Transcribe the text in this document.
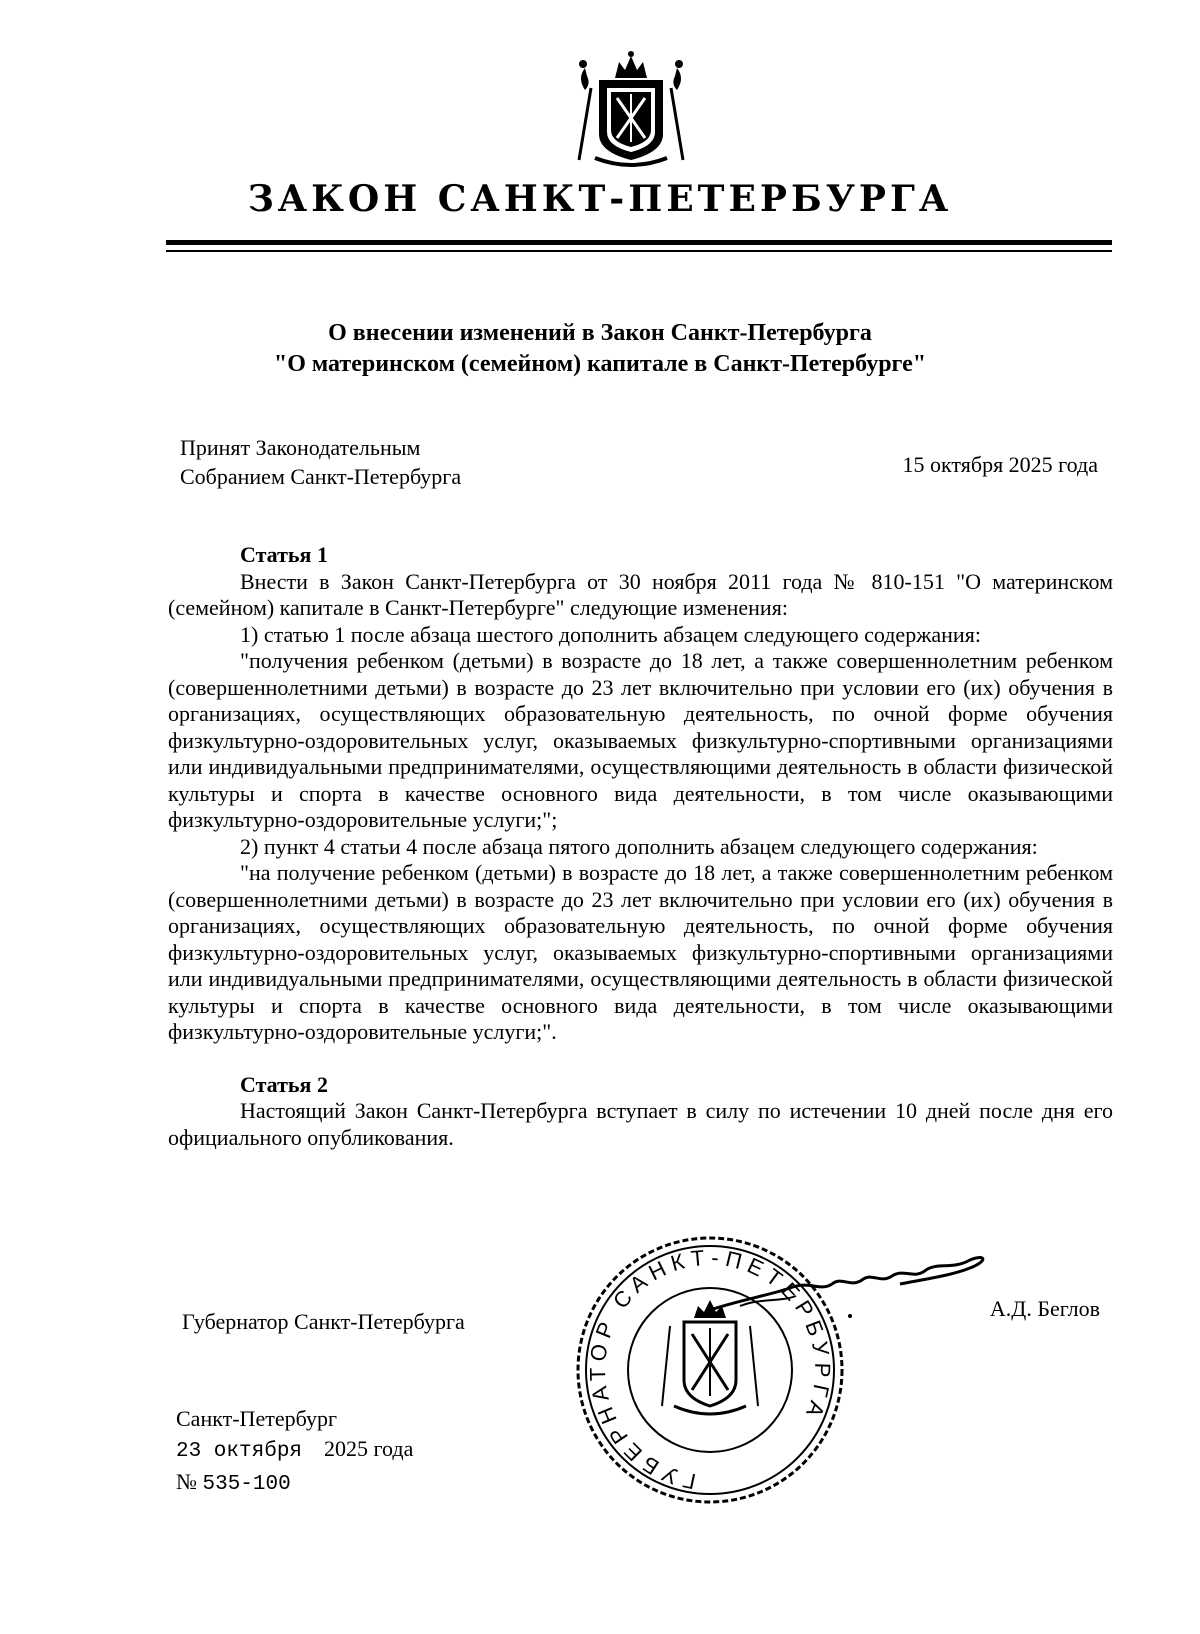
ЗАКОН САНКТ-ПЕТЕРБУРГА
О внесении изменений в Закон Санкт-Петербурга
"О материнском (семейном) капитале в Санкт-Петербурге"
Принят Законодательным
Собранием Санкт-Петербурга	15 октября 2025 года
Статья 1

Внести в Закон Санкт-Петербурга от 30 ноября 2011 года № 810-151 "О материнском (семейном) капитале в Санкт-Петербурге" следующие изменения:

1) статью 1 после абзаца шестого дополнить абзацем следующего содержания:

"получения ребенком (детьми) в возрасте до 18 лет, а также совершеннолетним ребенком (совершеннолетними детьми) в возрасте до 23 лет включительно при условии его (их) обучения в организациях, осуществляющих образовательную деятельность, по очной форме обучения физкультурно-оздоровительных услуг, оказываемых физкультурно-спортивными организациями или индивидуальными предпринимателями, осуществляющими деятельность в области физической культуры и спорта в качестве основного вида деятельности, в том числе оказывающими физкультурно-оздоровительные услуги;";

2) пункт 4 статьи 4 после абзаца пятого дополнить абзацем следующего содержания:

"на получение ребенком (детьми) в возрасте до 18 лет, а также совершеннолетним ребенком (совершеннолетними детьми) в возрасте до 23 лет включительно при условии его (их) обучения в организациях, осуществляющих образовательную деятельность, по очной форме обучения физкультурно-оздоровительных услуг, оказываемых физкультурно-спортивными организациями или индивидуальными предпринимателями, осуществляющими деятельность в области физической культуры и спорта в качестве основного вида деятельности, в том числе оказывающими физкультурно-оздоровительные услуги;".

Статья 2

Настоящий Закон Санкт-Петербурга вступает в силу по истечении 10 дней после дня его официального опубликования.

Губернатор Санкт-Петербурга
А.Д. Беглов
ГУБЕРНАТОР САНКТ-ПЕТЕРБУРГА
Санкт-Петербург
23 октября 2025 года
№ 535-100
